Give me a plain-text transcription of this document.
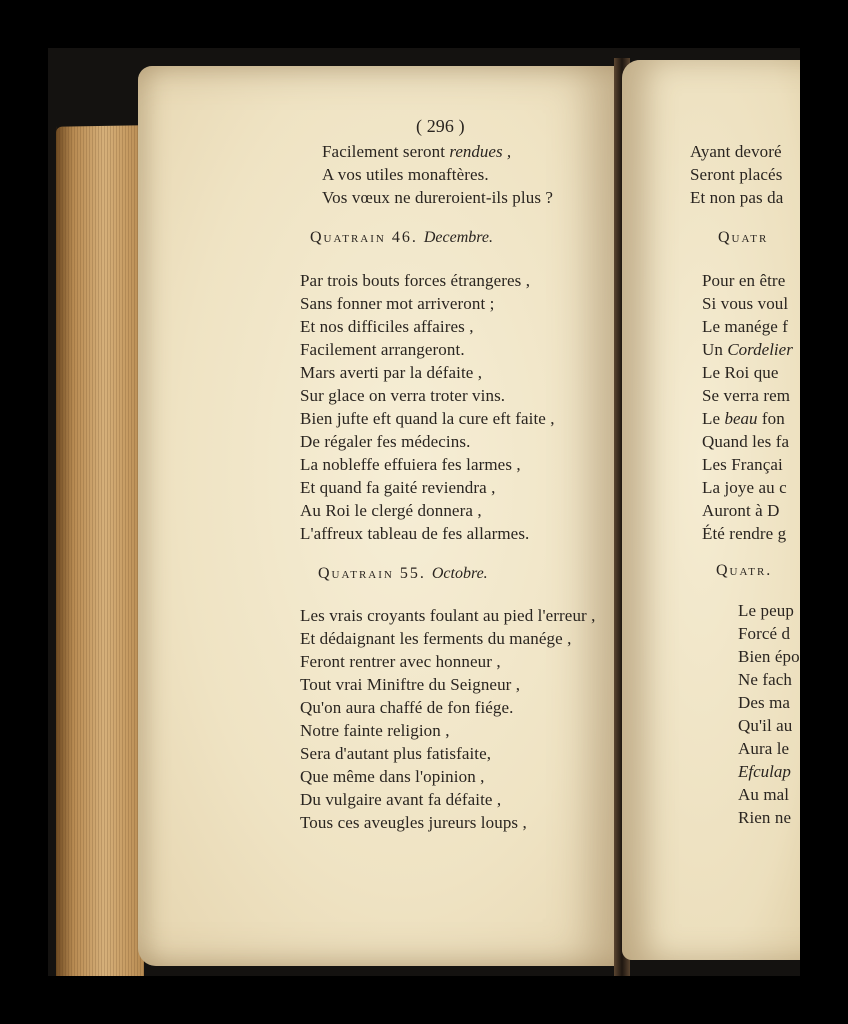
( 296 )
Facilement seront rendues ,
A vos utiles monaftères.
Vos vœux ne dureroient-ils plus ?
Quatrain 46. Decembre.
Par trois bouts forces étrangeres ,
Sans fonner mot arriveront ;
Et nos difficiles affaires ,
Facilement arrangeront.
Mars averti par la défaite ,
Sur glace on verra troter vins.
Bien jufte eft quand la cure eft faite ,
De régaler fes médecins.
La nobleffe effuiera fes larmes ,
Et quand fa gaité reviendra ,
Au Roi le clergé donnera ,
L'affreux tableau de fes allarmes.
Quatrain 55. Octobre.
Les vrais croyants foulant au pied l'erreur ,
Et dédaignant les ferments du manége ,
Feront rentrer avec honneur ,
Tout vrai Miniftre du Seigneur ,
Qu'on aura chaffé de fon fiége.
Notre fainte religion ,
Sera d'autant plus fatisfaite,
Que même dans l'opinion ,
Du vulgaire avant fa défaite ,
Tous ces aveugles jureurs loups ,
Ayant devoré
Seront placés
Et non pas da
Quatr
Pour en être
Si vous voul
Le manége f
Un Cordelier
Le Roi que
Se verra rem
Le beau fon
Quand les fa
Les Françai
La joye au c
Auront à D
Été rendre g
Quatr.
Le peup
Forcé d
Bien épo
Ne fach
Des ma
Qu'il au
Aura le
Efculap
Au mal
Rien ne
